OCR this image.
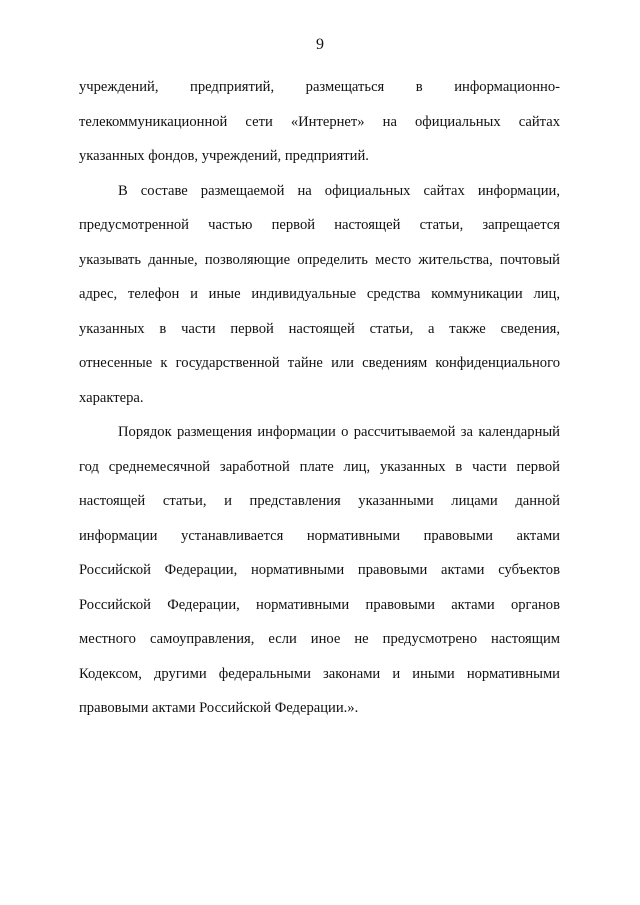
9
учреждений, предприятий, размещаться в информационно-
телекоммуникационной сети «Интернет» на официальных сайтах
указанных фондов, учреждений, предприятий.
В составе размещаемой на официальных сайтах информации,
предусмотренной частью первой настоящей статьи, запрещается
указывать данные, позволяющие определить место жительства, почтовый
адрес, телефон и иные индивидуальные средства коммуникации лиц,
указанных в части первой настоящей статьи, а также сведения,
отнесенные к государственной тайне или сведениям конфиденциального
характера.
Порядок размещения информации о рассчитываемой за календарный
год среднемесячной заработной плате лиц, указанных в части первой
настоящей статьи, и представления указанными лицами данной
информации устанавливается нормативными правовыми актами
Российской Федерации, нормативными правовыми актами субъектов
Российской Федерации, нормативными правовыми актами органов
местного самоуправления, если иное не предусмотрено настоящим
Кодексом, другими федеральными законами и иными нормативными
правовыми актами Российской Федерации.».
